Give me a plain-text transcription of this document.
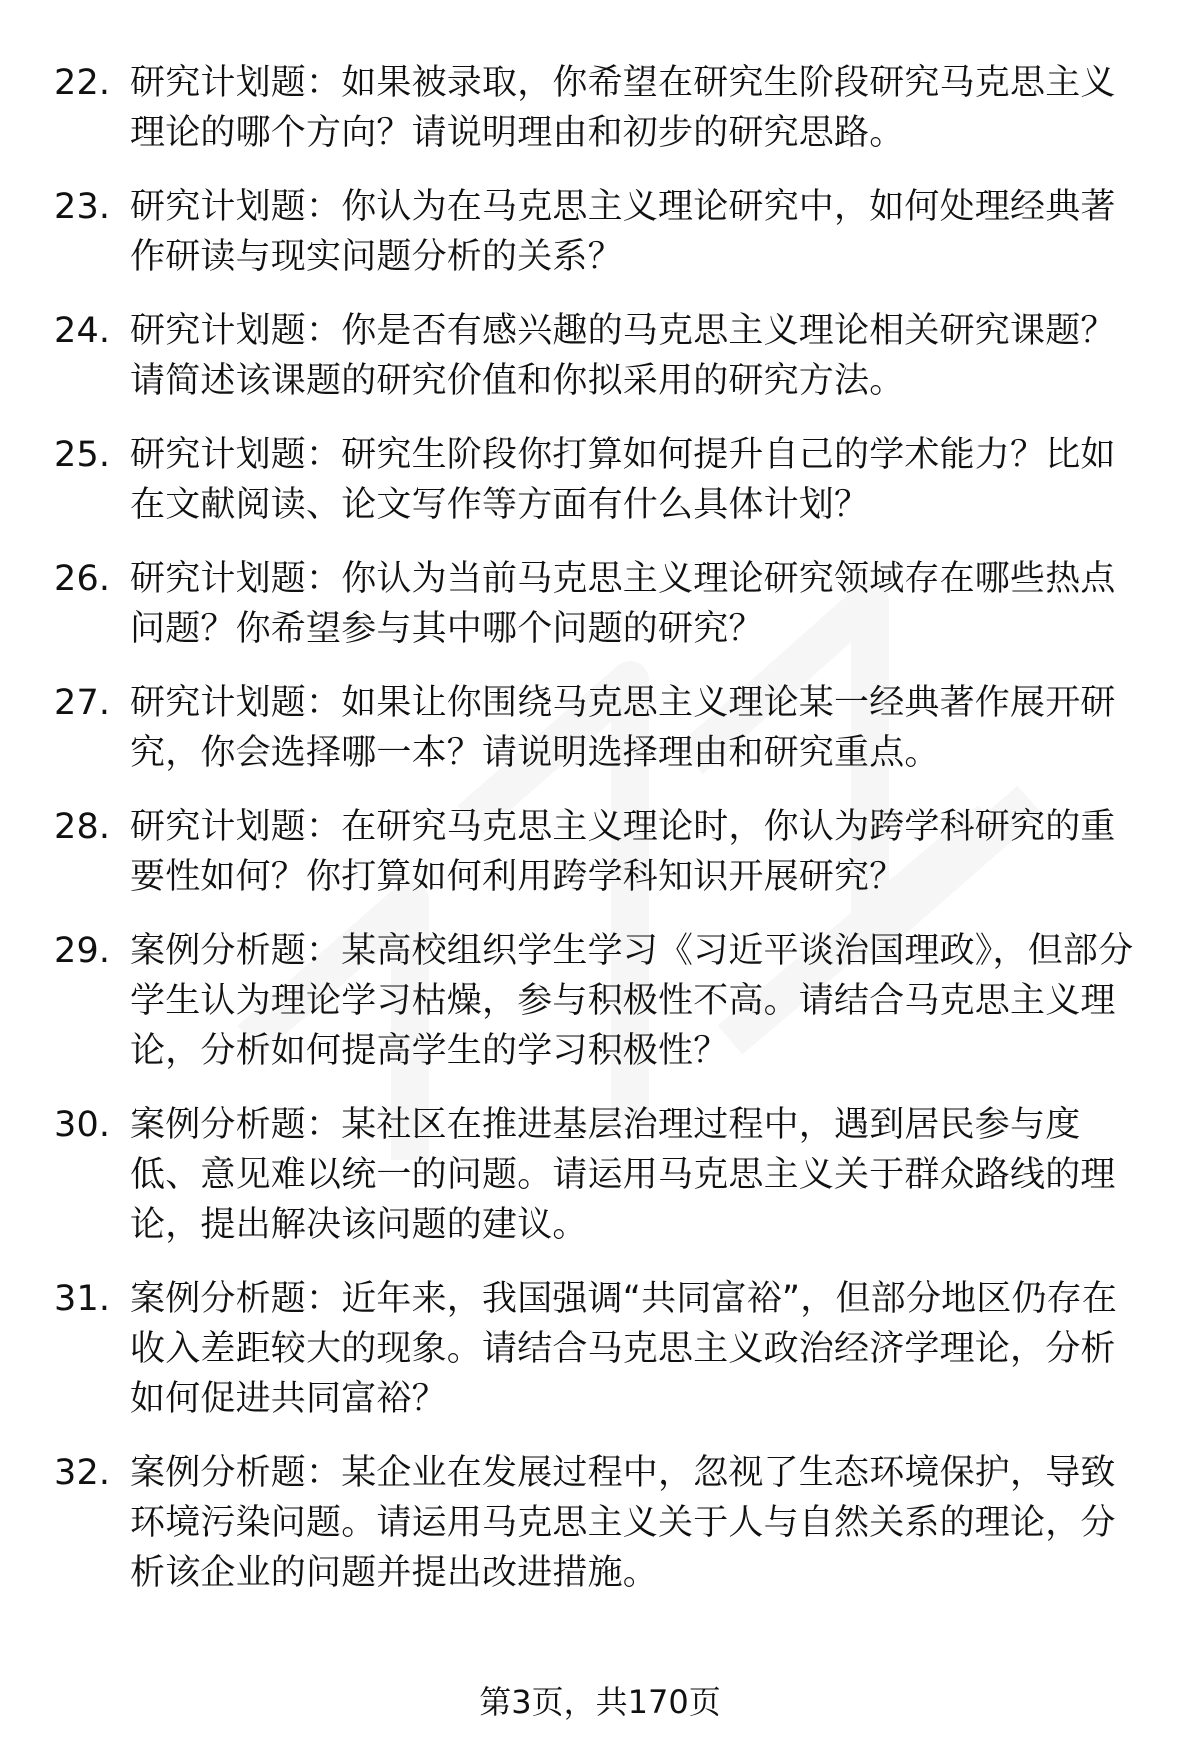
22. 研究计划题：如果被录取，你希望在研究生阶段研究马克思主义理论的哪个方向？请说明理由和初步的研究思路。
23. 研究计划题：你认为在马克思主义理论研究中，如何处理经典著作研读与现实问题分析的关系？
24. 研究计划题：你是否有感兴趣的马克思主义理论相关研究课题？请简述该课题的研究价值和你拟采用的研究方法。
25. 研究计划题：研究生阶段你打算如何提升自己的学术能力？比如在文献阅读、论文写作等方面有什么具体计划？
26. 研究计划题：你认为当前马克思主义理论研究领域存在哪些热点问题？你希望参与其中哪个问题的研究？
27. 研究计划题：如果让你围绕马克思主义理论某一经典著作展开研究，你会选择哪一本？请说明选择理由和研究重点。
28. 研究计划题：在研究马克思主义理论时，你认为跨学科研究的重要性如何？你打算如何利用跨学科知识开展研究？
29. 案例分析题：某高校组织学生学习《习近平谈治国理政》，但部分学生认为理论学习枯燥，参与积极性不高。请结合马克思主义理论，分析如何提高学生的学习积极性？
30. 案例分析题：某社区在推进基层治理过程中，遇到居民参与度低、意见难以统一的问题。请运用马克思主义关于群众路线的理论，提出解决该问题的建议。
31. 案例分析题：近年来，我国强调“共同富裕”，但部分地区仍存在收入差距较大的现象。请结合马克思主义政治经济学理论，分析如何促进共同富裕？
32. 案例分析题：某企业在发展过程中，忽视了生态环境保护，导致环境污染问题。请运用马克思主义关于人与自然关系的理论，分析该企业的问题并提出改进措施。
第3页，共170页
